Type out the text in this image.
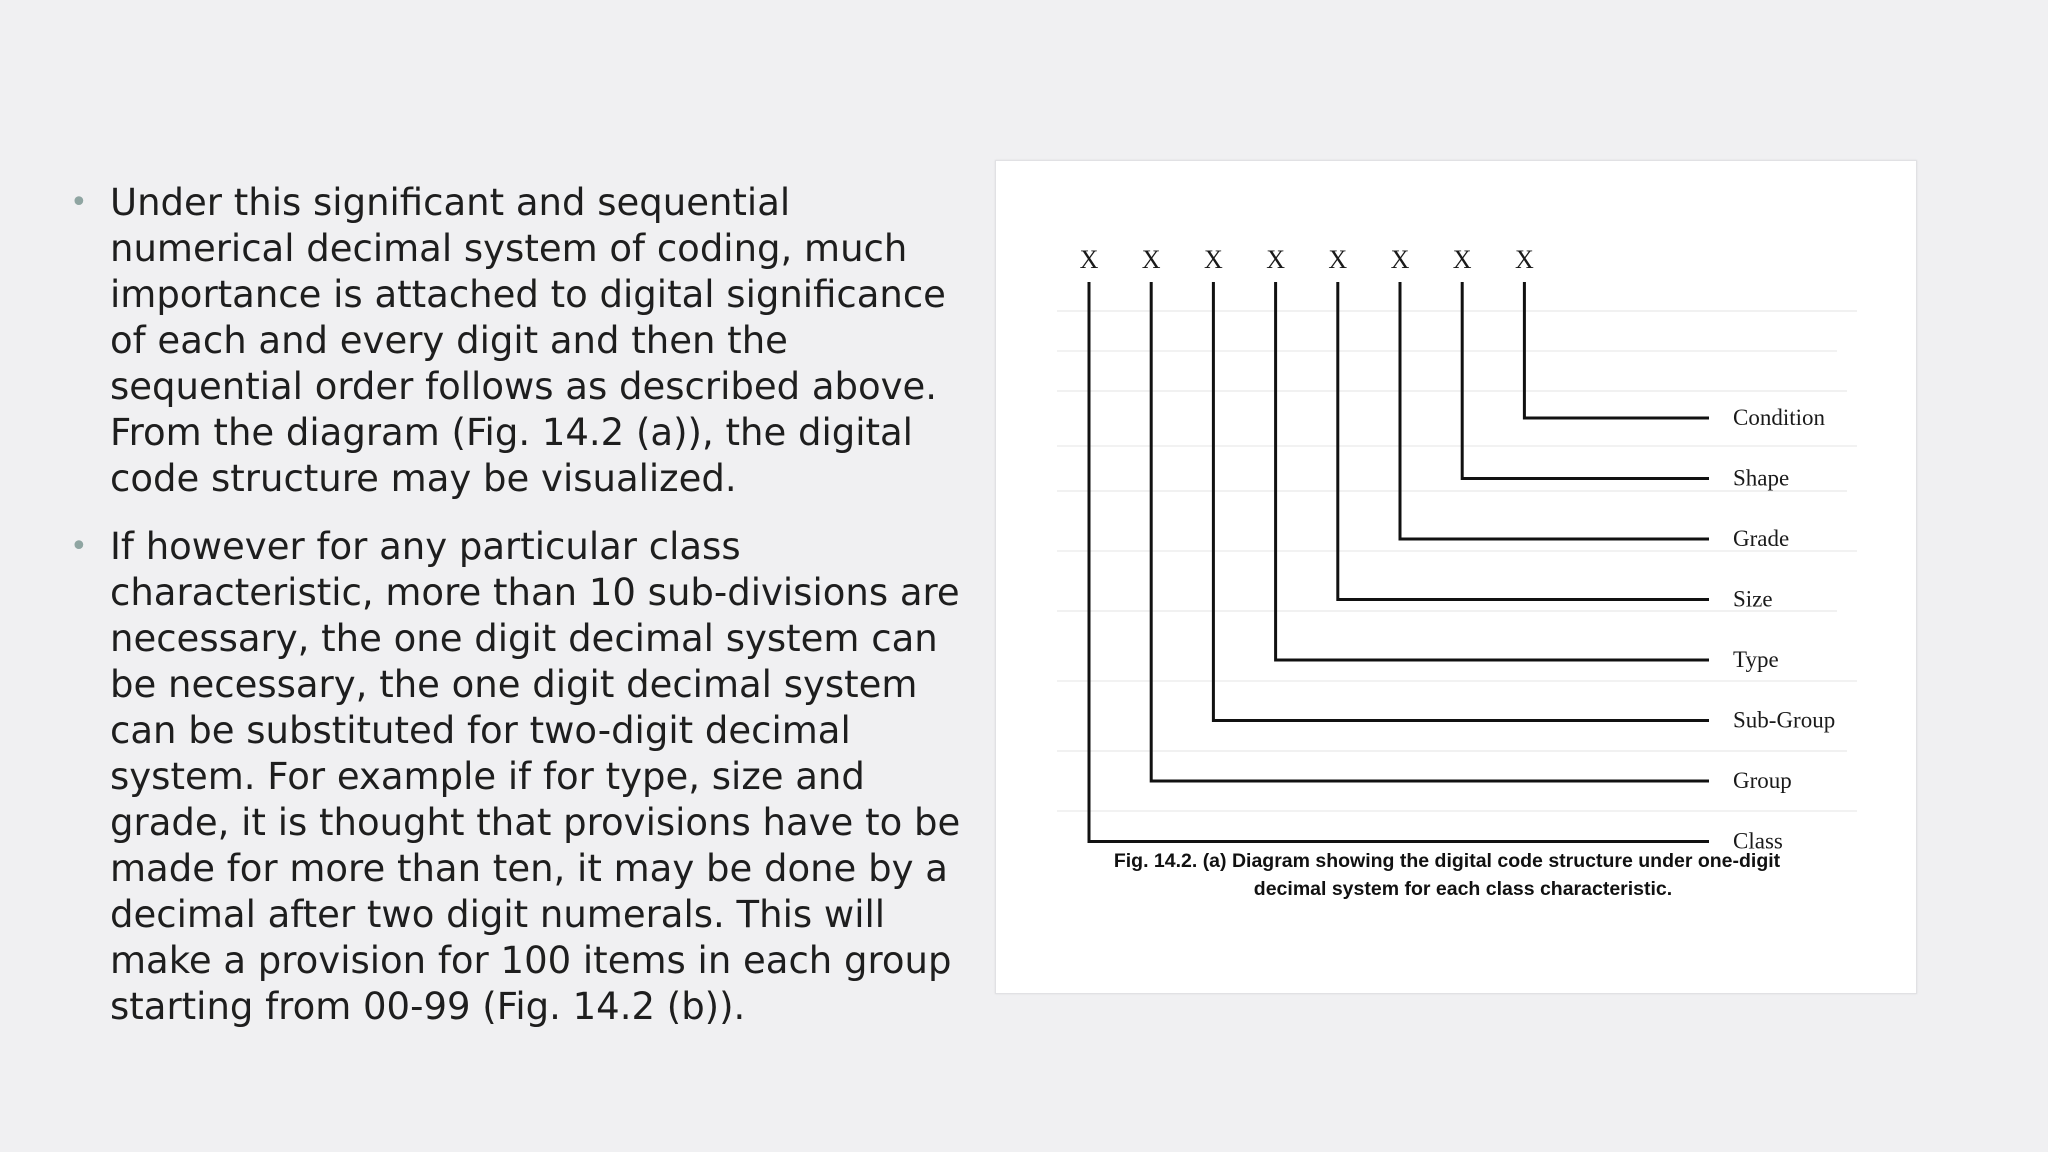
• Under this significant and sequential numerical decimal system of coding, much importance is attached to digital significance of each and every digit and then the sequential order follows as described above. From the diagram (Fig. 14.2 (a)), the digital code structure may be visualized.
• If however for any particular class characteristic, more than 10 sub-divisions are necessary, the one digit decimal system can be necessary, the one digit decimal system can be substituted for two-digit decimal system. For example if for type, size and grade, it is thought that provisions have to be made for more than ten, it may be done by a decimal after two digit numerals. This will make a provision for 100 items in each group starting from 00-99 (Fig. 14.2 (b)).
X
X
X
X
X
X
X
X
Condition
Shape
Grade
Size
Type
Sub-Group
Group
Class
Fig. 14.2. (a) Diagram showing the digital code structure under one-digit
decimal system for each class characteristic.
